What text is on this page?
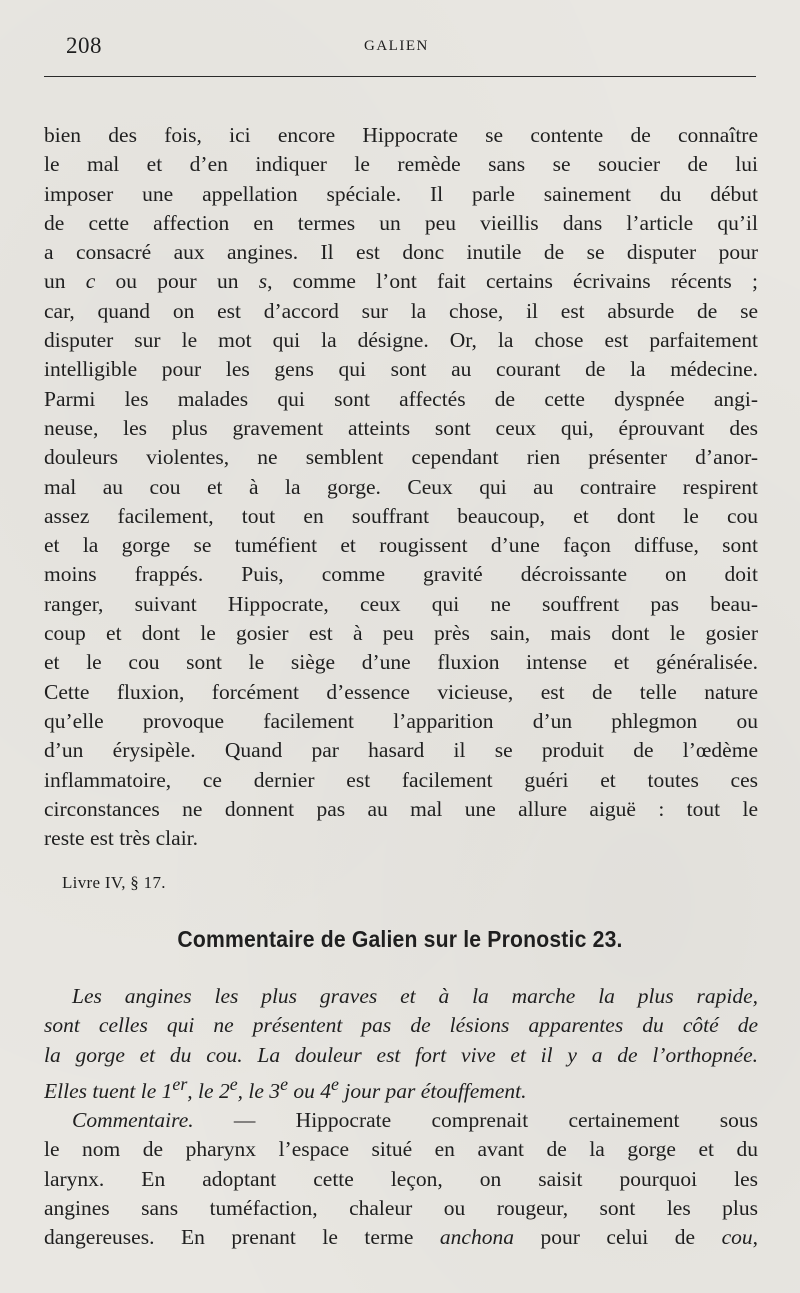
208	GALIEN
bien des fois, ici encore Hippocrate se contente de connaître
le mal et d’en indiquer le remède sans se soucier de lui
imposer une appellation spéciale. Il parle sainement du début
de cette affection en termes un peu vieillis dans l’article qu’il
a consacré aux angines. Il est donc inutile de se disputer pour
un c ou pour un s, comme l’ont fait certains écrivains récents ;
car, quand on est d’accord sur la chose, il est absurde de se
disputer sur le mot qui la désigne. Or, la chose est parfaitement
intelligible pour les gens qui sont au courant de la médecine.
Parmi les malades qui sont affectés de cette dyspnée angi-
neuse, les plus gravement atteints sont ceux qui, éprouvant des
douleurs violentes, ne semblent cependant rien présenter d’anor-
mal au cou et à la gorge. Ceux qui au contraire respirent
assez facilement, tout en souffrant beaucoup, et dont le cou
et la gorge se tuméfient et rougissent d’une façon diffuse, sont
moins frappés. Puis, comme gravité décroissante on doit
ranger, suivant Hippocrate, ceux qui ne souffrent pas beau-
coup et dont le gosier est à peu près sain, mais dont le gosier
et le cou sont le siège d’une fluxion intense et généralisée.
Cette fluxion, forcément d’essence vicieuse, est de telle nature
qu’elle provoque facilement l’apparition d’un phlegmon ou
d’un érysipèle. Quand par hasard il se produit de l’œdème
inflammatoire, ce dernier est facilement guéri et toutes ces
circonstances ne donnent pas au mal une allure aiguë : tout le
reste est très clair.
Livre IV, § 17.
Commentaire de Galien sur le Pronostic 23.
Les angines les plus graves et à la marche la plus rapide,
sont celles qui ne présentent pas de lésions apparentes du côté de
la gorge et du cou. La douleur est fort vive et il y a de l’orthopnée.
Elles tuent le 1er, le 2e, le 3e ou 4e jour par étouffement.
Commentaire. — Hippocrate comprenait certainement sous
le nom de pharynx l’espace situé en avant de la gorge et du
larynx. En adoptant cette leçon, on saisit pourquoi les
angines sans tuméfaction, chaleur ou rougeur, sont les plus
dangereuses. En prenant le terme anchona pour celui de cou,
